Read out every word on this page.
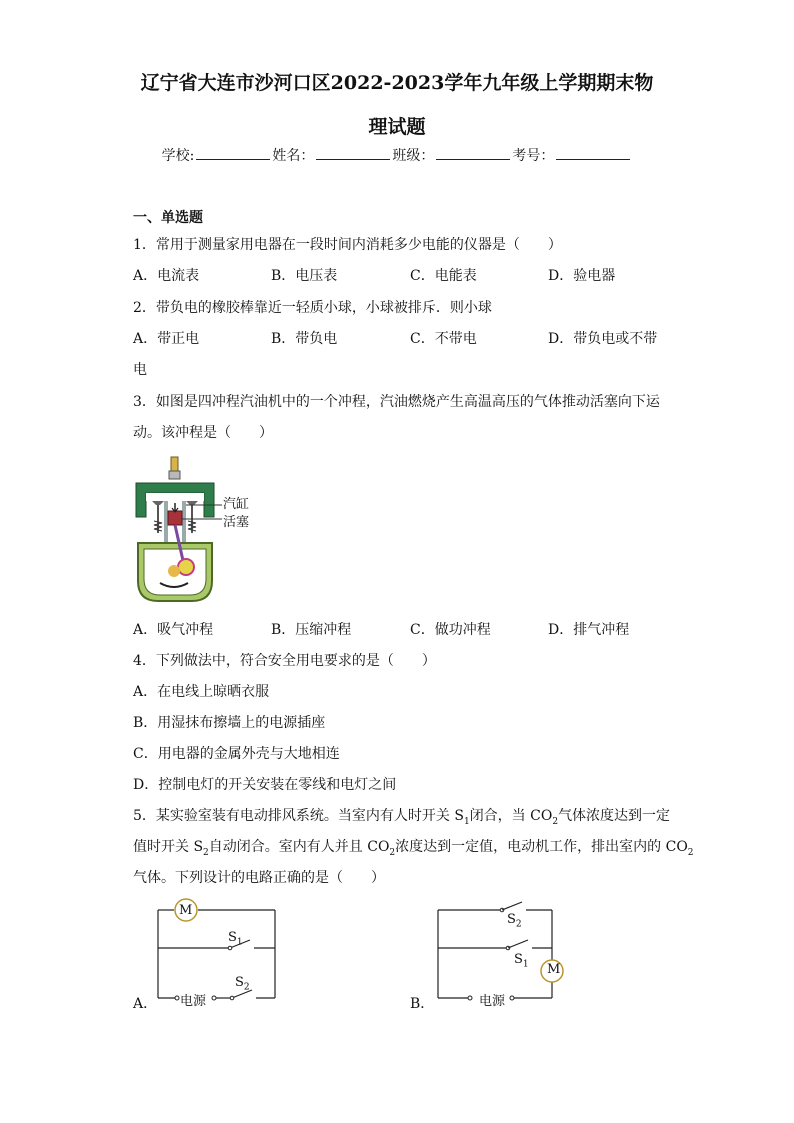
辽宁省大连市沙河口区2022-2023学年九年级上学期期末物
理试题
学校:	姓名：	班级：	考号：
一、单选题
1．常用于测量家用电器在一段时间内消耗多少电能的仪器是（　　）
A．电流表	B．电压表	C．电能表	D．验电器
2．带负电的橡胶棒靠近一轻质小球，小球被排斥．则小球
A．带正电	B．带负电	C．不带电	D．带负电或不带
电
3．如图是四冲程汽油机中的一个冲程，汽油燃烧产生高温高压的气体推动活塞向下运
动。该冲程是（　　）
汽缸
活塞
A．吸气冲程	B．压缩冲程	C．做功冲程	D．排气冲程
4．下列做法中，符合安全用电要求的是（　　）
A．在电线上晾晒衣服
B．用湿抹布擦墙上的电源插座
C．用电器的金属外壳与大地相连
D．控制电灯的开关安装在零线和电灯之间
5．某实验室装有电动排风系统。当室内有人时开关 $S_1$闭合，当 $CO_2$气体浓度达到一定
值时开关 $S_2$自动闭合。室内有人并且 $CO_2$浓度达到一定值，电动机工作，排出室内的 $CO_2$
气体。下列设计的电路正确的是（　　）
A．
M
$S_1$
$S_2$
电源	B．
M
$S_2$
$S_1$
电源
